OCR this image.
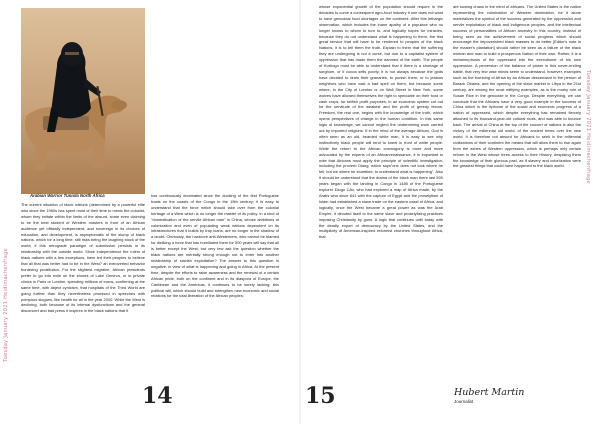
Arabian Warrior Tuniola North Africa

The current situation of black nations (determined by a powerful elite who since the 1960s has spent most of their time to mimic the colonist, whom they imitate within the limits of the absurd, some even claiming to be the best student of Western masters in front of an African audience yet officially independent, and sovereign in its choices of education, and development, is asymptomatic of the slump of black nations, which for a long time, still risks being the laughing stock of the world; if this retrograde paradigm of submission persists in its relationship with the outside world. Since independence the rulers of black nations with a few exceptions, have led their peoples to believe that all that was better had to be in the West? an extroverted behavior bordering prostitution. For the slightest migraine, African presidents prefer to go into exile on the shores of Lake Geneva, or in private clinics in Paris or London, spending millions of euros, confirming at the same time, with abject cynicism, that hospitals of the Third World are going further than they nevertheless promised in speeches with pompous slogans, like health for all in the year 2000. While the West is declining, both because of its internal dysfunctions and the general disconcert and bad press it inspires in the black nations that it

has continuously dominated since the docking of the first Portuguese boats on the coasts of the Congo in the 15th century; it is easy to understand that the force which should take over from the colonial heritage of a West which is no longer the master of its policy. In a kind of "domestication of the servile African man" is China, whose ambitions of colonization and even of populating weak nations dependent on its infrastructures that it builds by trap loans, are no longer in the shadow of a doubt. Obviously, the hardcore anti-Westerners, who cannot be blamed for disliking a force that has humiliated them for 500 years will say that all is better except the West; but very few ask the question whether the black nations are mentally strong enough not to enter into another relationship of slavish exploitation? The answer to this question is negative, in view of what is happening and going in Africa. At the present time, despite the efforts to raise awareness and the renewal of a certain African pride, both on the continent and in its diaspora of Europe, the Caribbean and the Americas, it continues to be sorely lacking; this political will, which should build and strengthen new economic and social relations for the total liberation of the African peoples;

14

whose exponential growth of the population should require in the decades to come a consequent agro-food industry if one does not want to have genocidal food shortages on the continent. After this lethargic observation, which includes the inane apathy of a populace who no longer knows to whom to turn to, and logically hopes for miracles, because they do not understand what is happening to them, the first great service that will have to be rendered to peoples of the black Nations, it is to tell them the truth. Explain to them that the suffering they are undergoing is not a curse, but due to a capitalist system of oppression that has made them the damned of the earth. The people of Korhogo must be able to understand that if there is a shortage of sorghum, or if cocoa sells poorly, it is not always because the gods have decided to drain their granaries, to punish them, or to jealous neighbors who have cast a bad spell on them, but because some where, in the City of London or on Wall Street in New York, some wolves have allowed themselves the right to speculate on their food or cash crops, for selfish profit purposes, in an economic system cut out for the servitude of the weakest and the profit of greedy felons. Freedom, the real one, begins with the knowledge of the truth, which opens perspectives of change in the human condition. In this same logic of knowledge, we cannot neglect the undermining work carried out by imported religions. If in the mind of the average African, God is often seen as an old, bearded white man, it is easy to see why instinctively black people will tend to kneel in front of white people. While the return to the African cosmogony is more and more advocated by the experts of an Africanrenaissance, it is important to note that Africans must apply the principle of scientific investigation, including the proverb Diang, which says"one does not look where he fell, but we where he stumbled, to understand what is happening". Also it should be understood that the drama of the black man there last 500 years began with the landing in Congo in 1485 of the Portuguese explorer Diogo Cão, who had explored a map of Africa made, by the Arabs who since 641 with the capture of Egypt and the proselytism of Islam had established a slave trade on the eastern coast of Africa, and logically, once the West became a great power as was the Arab Empire, it devoted itself to the same slave and proselytizing practices imposing Christianity by guns. A logic that continues until today with the deadly export of democracy by the United States, and the multiplicity of American-inspired reformist churches throughout Africa, that

are sowing chaos in the mind of africans. The United States is the nation representing the culmination of Western domination, for it alone materializes the symbol of the success generated by the oppression and servile exploitation of black and indigenous peoples, and the intellectual success of personalities of African ancestry in this country, instead of being seen as the achievement of social progress which should encourage the impoverished black masses to do better [Editor's note in the master's plantation] should rather be seen as a failure of the black woman and man to build a prosperous Nation of their own. Rather, it is a metamorphosis of the oppressed into the executioner of his own oppression. A perversion of the balance of power in this never-ending battle, that very few wise minds seem to understand, however, examples such as the bombing of Africa by an African descendant in the person of Barack Obama, and the opening of the slave market in Libya in the 21st century, are among the most edifying examples, as is the murky role of Susan Rice in the genocide in the Congo. Despite everything, we can conclude that the Africans have a very good example in the success of China which is the epitome of the social and economic progress of a nation of oppressed, which despite everything has remained fiercely attached to its thousand-year-old cultural roots, and was able to bounce back. The arrival of China at the top of the concert of nations is also the victory of the millennial old world, of the ancient times over the new world. It is therefore not absurd for Africans to seek in the millennial civilizations of their continent the means that will allow them to rise again from the ashes of Western oppression, which is perhaps only certain reform in the West whose frees access to their History, despising them the knowledge of their glorious past, as if slavery and colonization were the greatest things that could have happened to the black world.

Hubert Martin
Journalist
15
Tuesday January 2021 Heidimachenfrage
Tuesday January 2021 Heidimachenfrage
